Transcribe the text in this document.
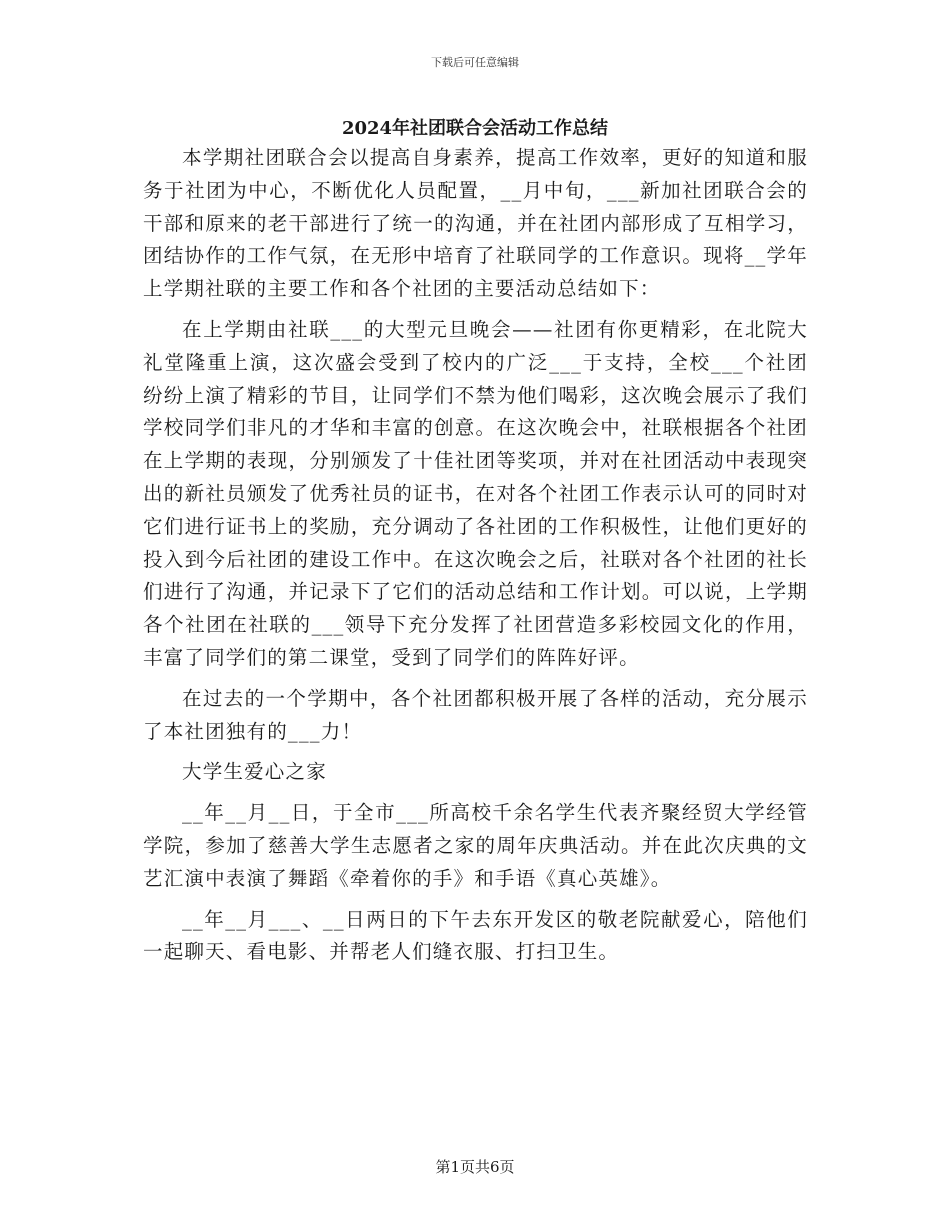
下载后可任意编辑
2024年社团联合会活动工作总结

本学期社团联合会以提高自身素养，提高工作效率，更好的知道和服务于社团为中心，不断优化人员配置，__月中旬，___新加社团联合会的干部和原来的老干部进行了统一的沟通，并在社团内部形成了互相学习，团结协作的工作气氛，在无形中培育了社联同学的工作意识。现将__学年上学期社联的主要工作和各个社团的主要活动总结如下：

在上学期由社联___的大型元旦晚会——社团有你更精彩，在北院大礼堂隆重上演，这次盛会受到了校内的广泛___于支持，全校___个社团纷纷上演了精彩的节目，让同学们不禁为他们喝彩，这次晚会展示了我们学校同学们非凡的才华和丰富的创意。在这次晚会中，社联根据各个社团在上学期的表现，分别颁发了十佳社团等奖项，并对在社团活动中表现突出的新社员颁发了优秀社员的证书，在对各个社团工作表示认可的同时对它们进行证书上的奖励，充分调动了各社团的工作积极性，让他们更好的投入到今后社团的建设工作中。在这次晚会之后，社联对各个社团的社长们进行了沟通，并记录下了它们的活动总结和工作计划。可以说，上学期各个社团在社联的___领导下充分发挥了社团营造多彩校园文化的作用，丰富了同学们的第二课堂，受到了同学们的阵阵好评。

在过去的一个学期中，各个社团都积极开展了各样的活动，充分展示了本社团独有的___力！

大学生爱心之家

__年__月__日，于全市___所高校千余名学生代表齐聚经贸大学经管学院，参加了慈善大学生志愿者之家的周年庆典活动。并在此次庆典的文艺汇演中表演了舞蹈《牵着你的手》和手语《真心英雄》。

__年__月___、__日两日的下午去东开发区的敬老院献爱心，陪他们一起聊天、看电影、并帮老人们缝衣服、打扫卫生。

第1页共6页
